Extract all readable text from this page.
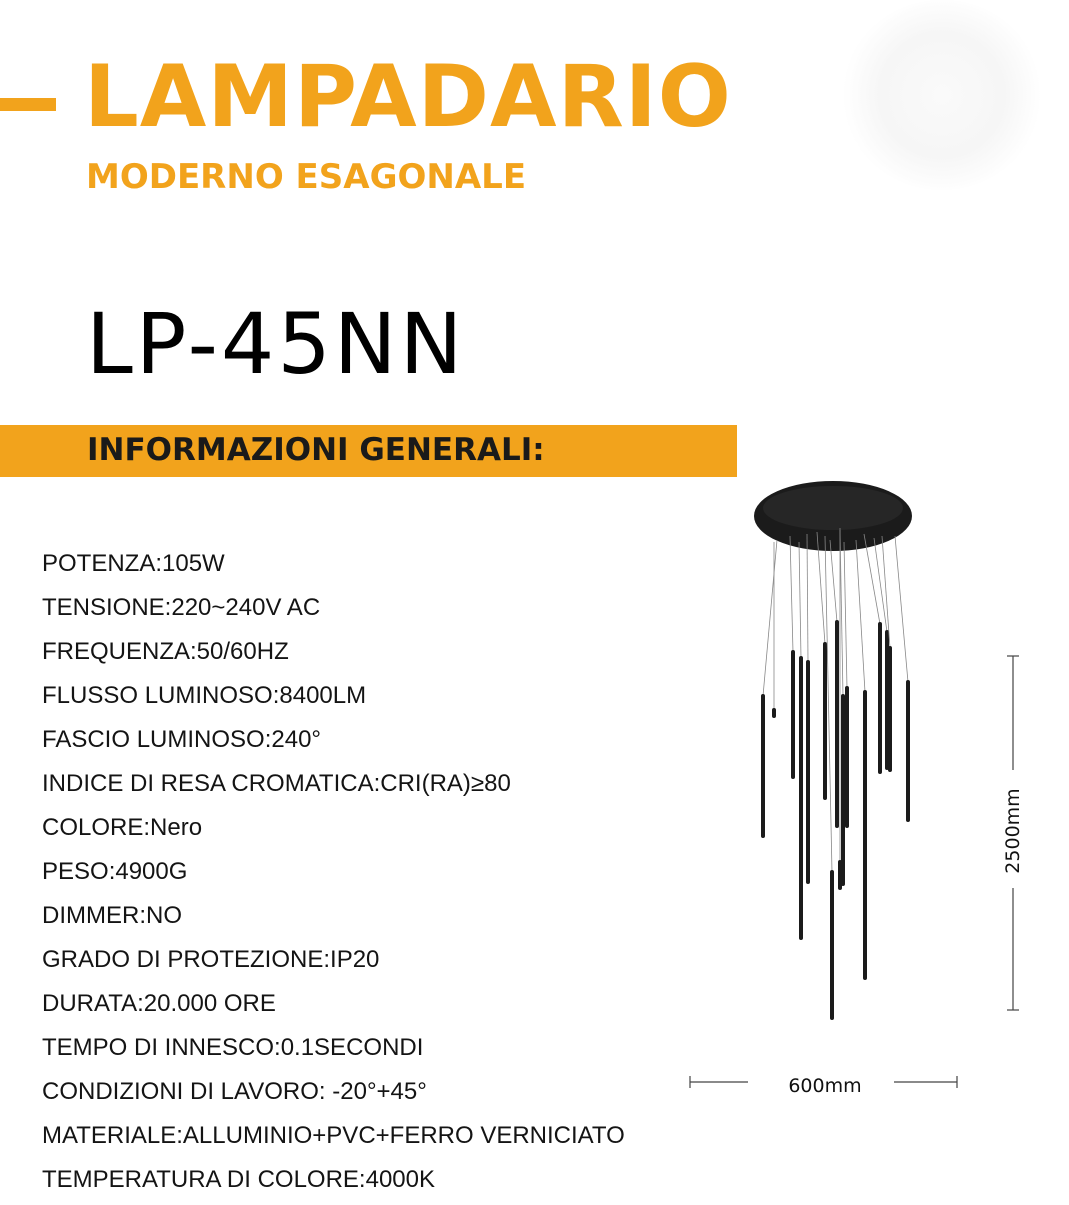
LAMPADARIO
MODERNO ESAGONALE
LP-45NN
INFORMAZIONI GENERALI:
POTENZA:105W
TENSIONE:220~240V AC
FREQUENZA:50/60HZ
FLUSSO LUMINOSO:8400LM
FASCIO LUMINOSO:240°
INDICE DI RESA CROMATICA:CRI(RA)≥80
COLORE:Nero
PESO:4900G
DIMMER:NO
GRADO DI PROTEZIONE:IP20
DURATA:20.000 ORE
TEMPO DI INNESCO:0.1SECONDI
CONDIZIONI DI LAVORO: -20°+45°
MATERIALE:ALLUMINIO+PVC+FERRO VERNICIATO
TEMPERATURA DI COLORE:4000K
2500mm
600mm
